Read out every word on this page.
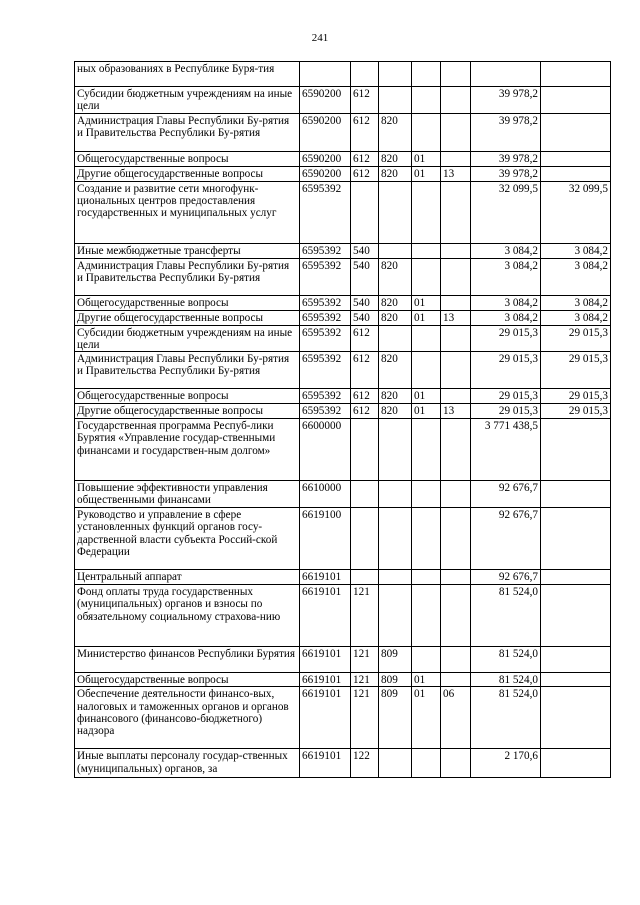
241
ных образованиях в Республике Буря-тия							
Субсидии бюджетным учреждениям на иные цели	6590200	612				39 978,2	
Администрация Главы Республики Бу-рятия и Правительства Республики Бу-рятия	6590200	612	820			39 978,2	
Общегосударственные вопросы	6590200	612	820	01		39 978,2	
Другие общегосударственные вопросы	6590200	612	820	01	13	39 978,2	
Создание и развитие сети многофунк-циональных центров предоставления государственных и муниципальных услуг	6595392					32 099,5	32 099,5
Иные межбюджетные трансферты	6595392	540				3 084,2	3 084,2
Администрация Главы Республики Бу-рятия и Правительства Республики Бу-рятия	6595392	540	820			3 084,2	3 084,2
Общегосударственные вопросы	6595392	540	820	01		3 084,2	3 084,2
Другие общегосударственные вопросы	6595392	540	820	01	13	3 084,2	3 084,2
Субсидии бюджетным учреждениям на иные цели	6595392	612				29 015,3	29 015,3
Администрация Главы Республики Бу-рятия и Правительства Республики Бу-рятия	6595392	612	820			29 015,3	29 015,3
Общегосударственные вопросы	6595392	612	820	01		29 015,3	29 015,3
Другие общегосударственные вопросы	6595392	612	820	01	13	29 015,3	29 015,3
Государственная программа Респуб-лики Бурятия «Управление государ-ственными финансами и государствен-ным долгом»	6600000					3 771 438,5	
Повышение эффективности управления общественными финансами	6610000					92 676,7	
Руководство и управление в сфере установленных функций органов госу-дарственной власти субъекта Россий-ской Федерации	6619100					92 676,7	
Центральный аппарат	6619101					92 676,7	
Фонд оплаты труда государственных (муниципальных) органов и взносы по обязательному социальному страхова-нию	6619101	121				81 524,0	
Министерство финансов Республики Бурятия	6619101	121	809			81 524,0	
Общегосударственные вопросы	6619101	121	809	01		81 524,0	
Обеспечение деятельности финансо-вых, налоговых и таможенных органов и органов финансового (финансово-бюджетного) надзора	6619101	121	809	01	06	81 524,0	
Иные выплаты персоналу государ-ственных (муниципальных) органов, за	6619101	122				2 170,6	
